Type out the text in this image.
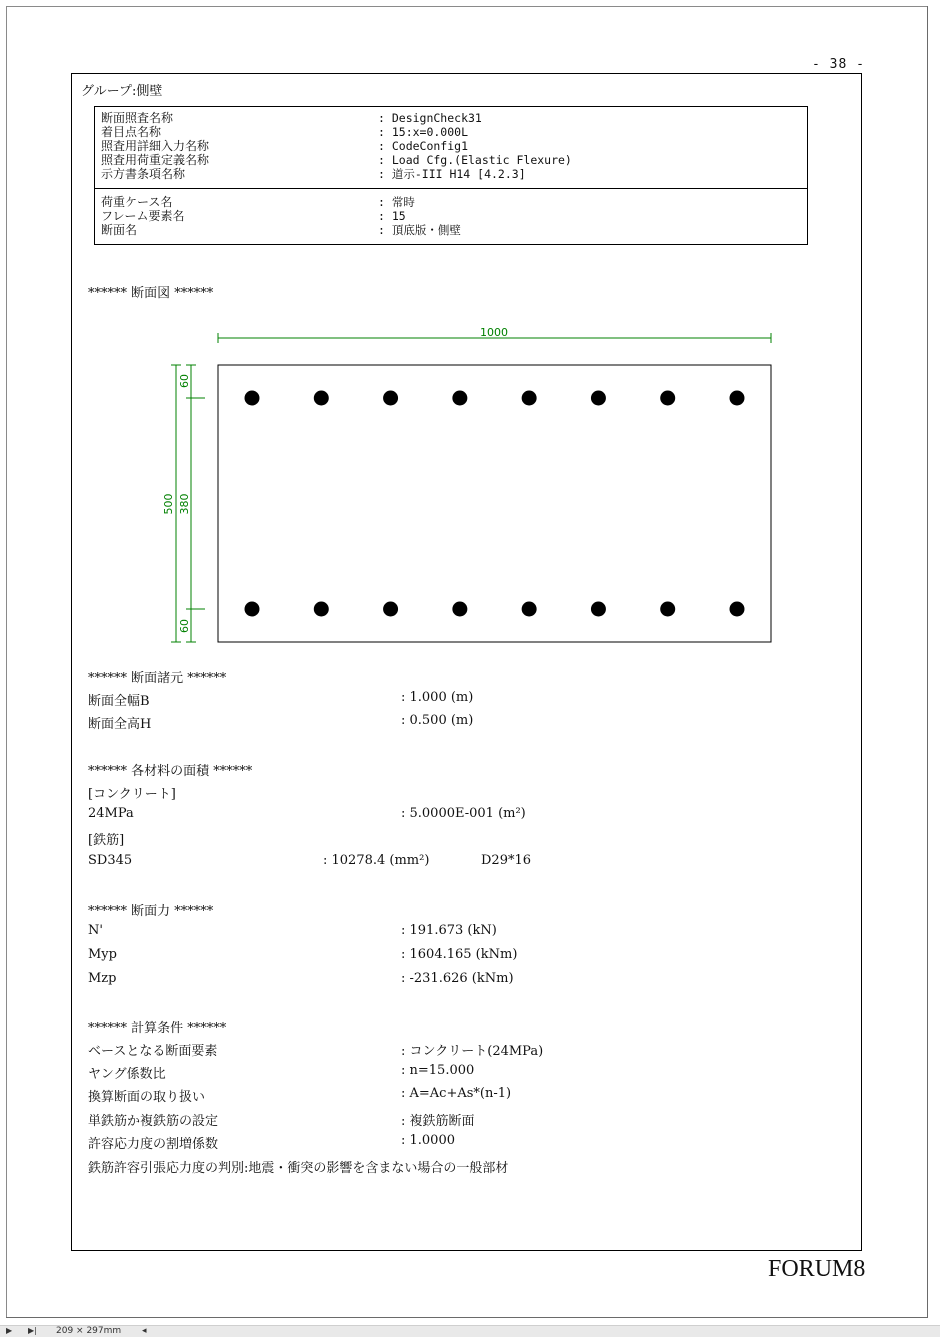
- 38 -
グループ:側壁
断面照査名称	: DesignCheck31
着目点名称	: 15:x=0.000L
照査用詳細入力名称	: CodeConfig1
照査用荷重定義名称	: Load Cfg.(Elastic Flexure)
示方書条項名称	: 道示-III H14 [4.2.3]
荷重ケース名	: 常時
フレーム要素名	: 15
断面名	: 頂底版・側壁
****** 断面図 ******
1000
500 380
60
60
****** 断面諸元 ******
断面全幅B	: 1.000 (m)
断面全高H	: 0.500 (m)
****** 各材料の面積 ******
[コンクリート]
24MPa	: 5.0000E-001 (m²)
[鉄筋]
SD345	: 10278.4 (mm²)	D29*16
****** 断面力 ******
N'	: 191.673 (kN)
Myp	: 1604.165 (kNm)
Mzp	: -231.626 (kNm)
****** 計算条件 ******
ベースとなる断面要素	: コンクリート(24MPa)
ヤング係数比	: n=15.000
換算断面の取り扱い	: A=Ac+As*(n-1)
単鉄筋か複鉄筋の設定	: 複鉄筋断面
許容応力度の割増係数	: 1.0000
鉄筋許容引張応力度の判別:地震・衝突の影響を含まない場合の一般部材
FORUM8
▶ ▶| 209 × 297mm ◂
